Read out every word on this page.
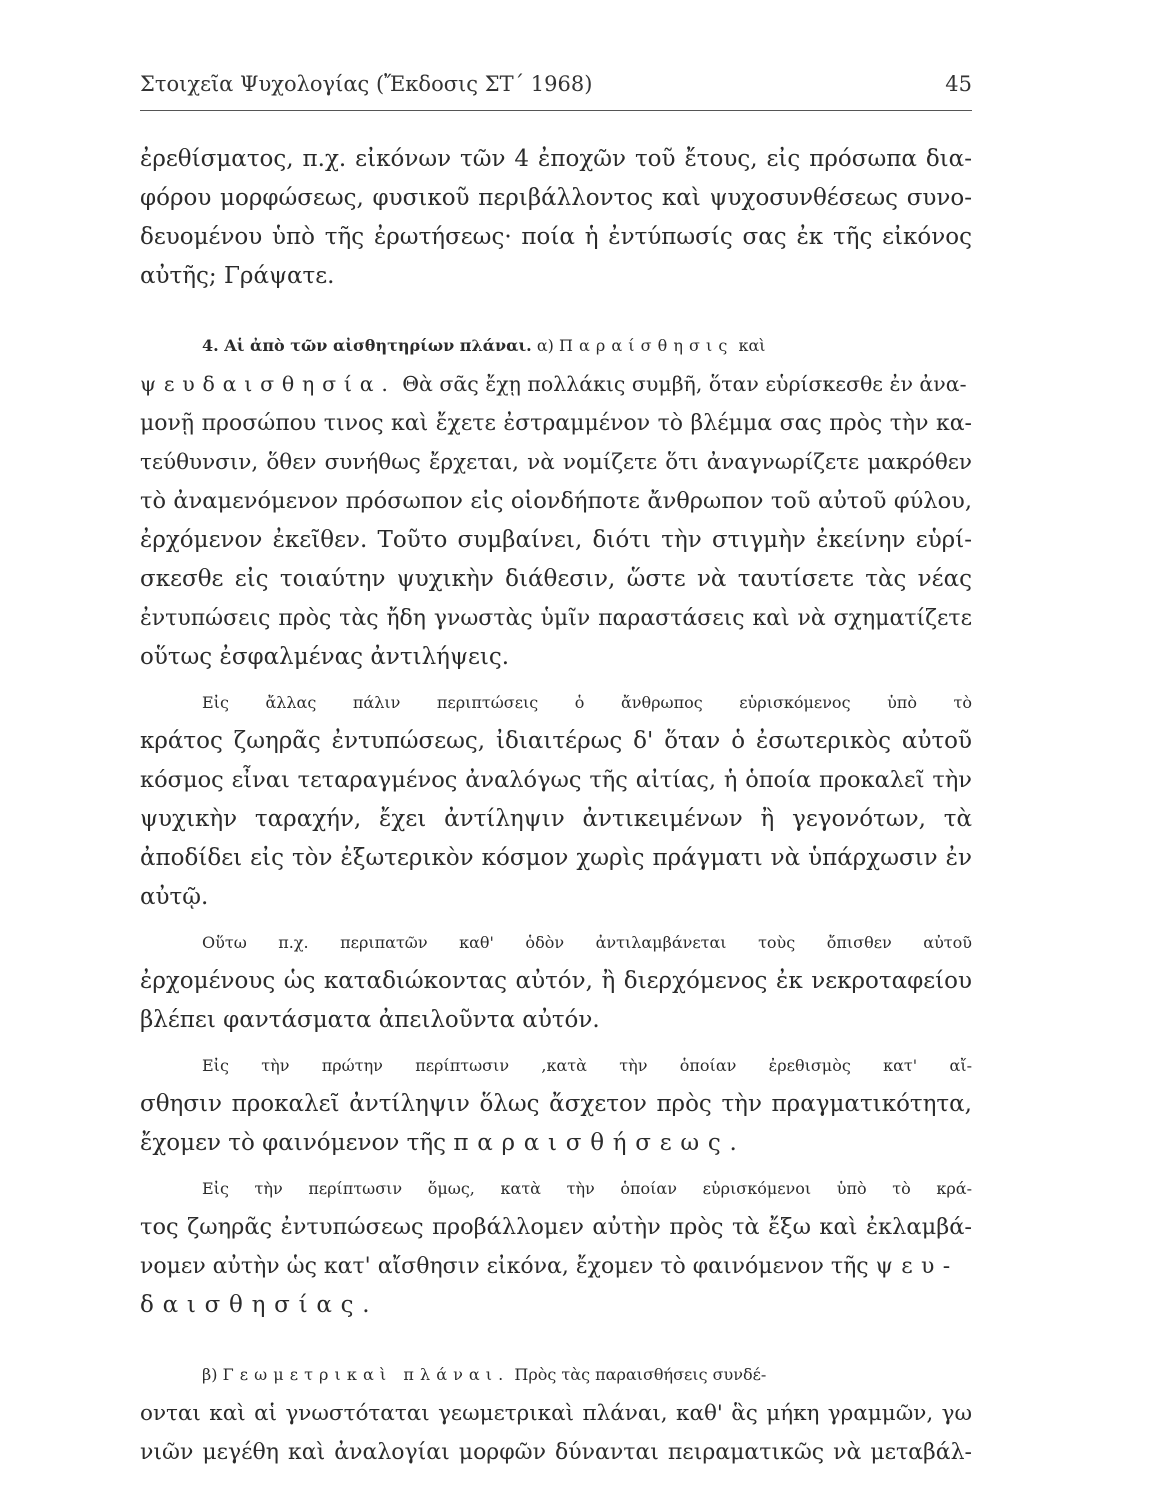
Στοιχεῖα Ψυχολογίας (Ἔκδοσις ΣΤ΄ 1968)	45
ἐρεθίσματος, π.χ. εἰκόνων τῶν 4 ἐποχῶν τοῦ ἔτους, εἰς πρόσωπα δια-
φόρου μορφώσεως, φυσικοῦ περιβάλλοντος καὶ ψυχοσυνθέσεως συνο-
δευομένου ὑπὸ τῆς ἐρωτήσεως· ποία ἡ ἐντύπωσίς σας ἐκ τῆς εἰκόνος
αὐτῆς; Γράψατε.
4. Αἱ ἀπὸ τῶν αἰσθητηρίων πλάναι. α) Παραίσθησις καὶ
ψευδαισθησία. Θὰ σᾶς ἔχῃ πολλάκις συμβῆ, ὅταν εὑρίσκεσθε ἐν ἀνα-
μονῇ προσώπου τινος καὶ ἔχετε ἐστραμμένον τὸ βλέμμα σας πρὸς τὴν κα-
τεύθυνσιν, ὅθεν συνήθως ἔρχεται, νὰ νομίζετε ὅτι ἀναγνωρίζετε μακρόθεν
τὸ ἀναμενόμενον πρόσωπον εἰς οἱονδήποτε ἄνθρωπον τοῦ αὐτοῦ φύλου,
ἐρχόμενον ἐκεῖθεν. Τοῦτο συμβαίνει, διότι τὴν στιγμὴν ἐκείνην εὑρί-
σκεσθε εἰς τοιαύτην ψυχικὴν διάθεσιν, ὥστε νὰ ταυτίσετε τὰς νέας
ἐντυπώσεις πρὸς τὰς ἤδη γνωστὰς ὑμῖν παραστάσεις καὶ νὰ σχηματίζετε
οὕτως ἐσφαλμένας ἀντιλήψεις.
Εἰς ἄλλας πάλιν περιπτώσεις ὁ ἄνθρωπος εὑρισκόμενος ὑπὸ τὸ
κράτος ζωηρᾶς ἐντυπώσεως, ἰδιαιτέρως δ' ὅταν ὁ ἐσωτερικὸς αὐτοῦ
κόσμος εἶναι τεταραγμένος ἀναλόγως τῆς αἰτίας, ἡ ὁποία προκαλεῖ τὴν
ψυχικὴν ταραχήν, ἔχει ἀντίληψιν ἀντικειμένων ἢ γεγονότων, τὰ
ἀποδίδει εἰς τὸν ἐξωτερικὸν κόσμον χωρὶς πράγματι νὰ ὑπάρχωσιν ἐν
αὐτῷ.
Οὕτω π.χ. περιπατῶν καθ' ὁδὸν ἀντιλαμβάνεται τοὺς ὄπισθεν αὐτοῦ
ἐρχομένους ὡς καταδιώκοντας αὐτόν, ἢ διερχόμενος ἐκ νεκροταφείου
βλέπει φαντάσματα ἀπειλοῦντα αὐτόν.
Εἰς τὴν πρώτην περίπτωσιν ,κατὰ τὴν ὁποίαν ἐρεθισμὸς κατ' αἴ-
σθησιν προκαλεῖ ἀντίληψιν ὅλως ἄσχετον πρὸς τὴν πραγματικότητα,
ἔχομεν τὸ φαινόμενον τῆς παραισθήσεως.
Εἰς τὴν περίπτωσιν ὅμως, κατὰ τὴν ὁποίαν εὑρισκόμενοι ὑπὸ τὸ κρά-
τος ζωηρᾶς ἐντυπώσεως προβάλλομεν αὐτὴν πρὸς τὰ ἔξω καὶ ἐκλαμβά-
νομεν αὐτὴν ὡς κατ' αἴσθησιν εἰκόνα, ἔχομεν τὸ φαινόμενον τῆς ψευ-
δαισθησίας.
β) Γεωμετρικαὶ πλάναι. Πρὸς τὰς παραισθήσεις συνδέ-
ονται καὶ αἱ γνωστόταται γεωμετρικαὶ πλάναι, καθ' ἃς μήκη γραμμῶν, γω
νιῶν μεγέθη καὶ ἀναλογίαι μορφῶν δύνανται πειραματικῶς νὰ μεταβάλ-
